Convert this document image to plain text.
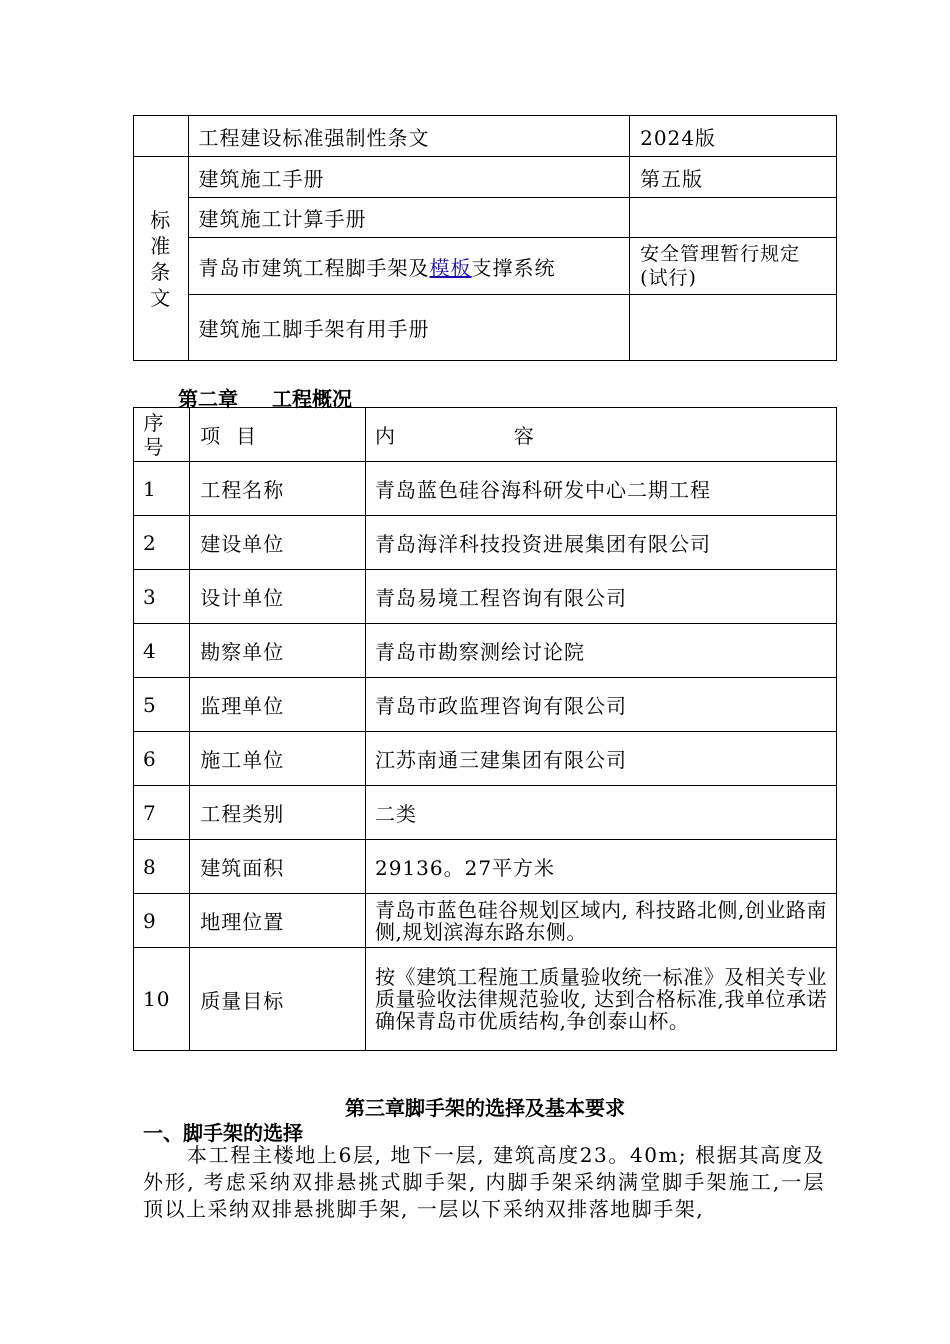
	工程建设标准强制性条文	2024版
标准条文	建筑施工手册	第五版
	建筑施工计算手册	
	青岛市建筑工程脚手架及模板支撑系统	安全管理暂行规定(试行)
	建筑施工脚手架有用手册	
第二章 工程概况
序号	项  目	内                容
1	工程名称	青岛蓝色硅谷海科研发中心二期工程
2	建设单位	青岛海洋科技投资进展集团有限公司
3	设计单位	青岛易境工程咨询有限公司
4	勘察单位	青岛市勘察测绘讨论院
5	监理单位	青岛市政监理咨询有限公司
6	施工单位	江苏南通三建集团有限公司
7	工程类别	二类
8	建筑面积	29136。27平方米
9	地理位置	青岛市蓝色硅谷规划区域内, 科技路北侧,创业路南侧,规划滨海东路东侧。
10	质量目标	按《建筑工程施工质量验收统一标准》及相关专业质量验收法律规范验收, 达到合格标准,我单位承诺确保青岛市优质结构,争创泰山杯。
第三章脚手架的选择及基本要求
一、脚手架的选择
本工程主楼地上6层, 地下一层, 建筑高度23。40m; 根据其高度及外形, 考虑采纳双排悬挑式脚手架, 内脚手架采纳满堂脚手架施工,一层顶以上采纳双排悬挑脚手架, 一层以下采纳双排落地脚手架,
